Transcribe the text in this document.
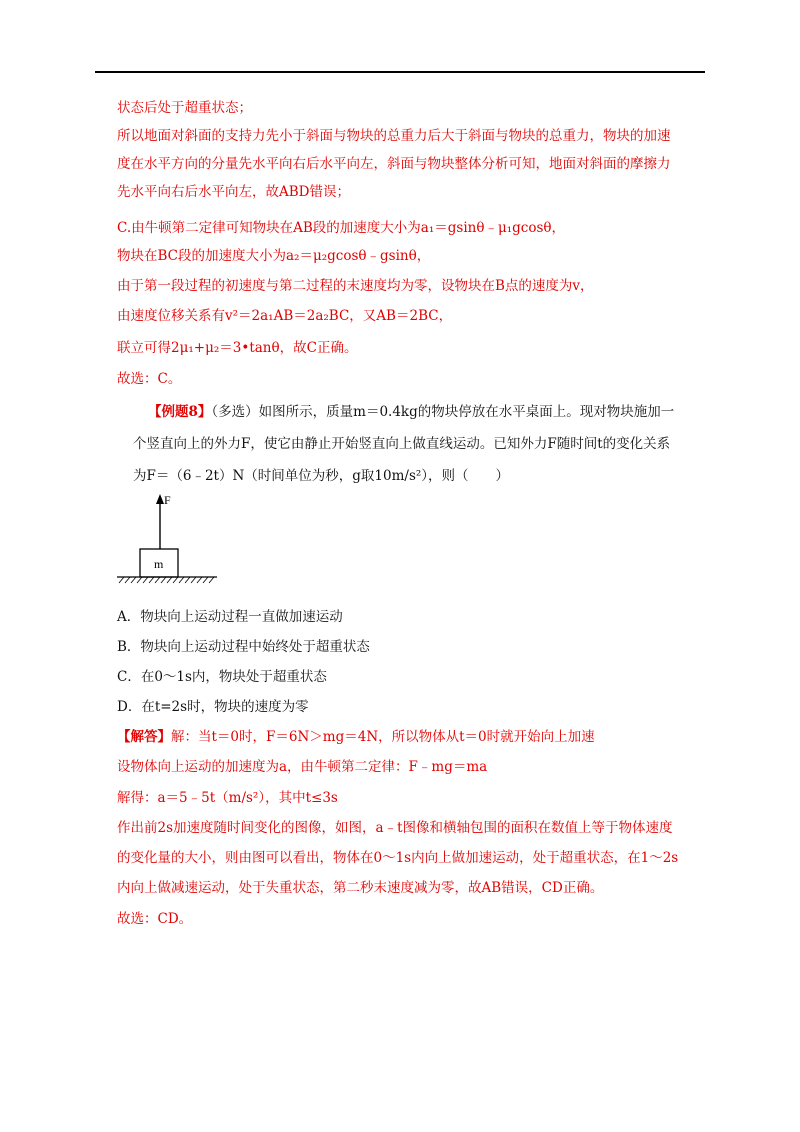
状态后处于超重状态；
所以地面对斜面的支持力先小于斜面与物块的总重力后大于斜面与物块的总重力，物块的加速
度在水平方向的分量先水平向右后水平向左，斜面与物块整体分析可知，地面对斜面的摩擦力
先水平向右后水平向左，故ABD错误；
C.由牛顿第二定律可知物块在AB段的加速度大小为a₁＝gsinθ﹣μ₁gcosθ，
物块在BC段的加速度大小为a₂＝μ₂gcosθ﹣gsinθ，
由于第一段过程的初速度与第二过程的末速度均为零，设物块在B点的速度为v，
由速度位移关系有v²＝2a₁AB＝2a₂BC，又AB＝2BC，
联立可得2μ₁+μ₂＝3•tanθ，故C正确。
故选：C。
【例题8】（多选）如图所示，质量m＝0.4kg的物块停放在水平桌面上。现对物块施加一
个竖直向上的外力F，使它由静止开始竖直向上做直线运动。已知外力F随时间t的变化关系
为F＝（6﹣2t）N（时间单位为秒，g取10m/s²），则（　　）
F
m
A．物块向上运动过程一直做加速运动
B．物块向上运动过程中始终处于超重状态
C．在0～1s内，物块处于超重状态
D．在t=2s时，物块的速度为零
【解答】解：当t＝0时，F＝6N＞mg＝4N，所以物体从t＝0时就开始向上加速
设物体向上运动的加速度为a，由牛顿第二定律：F﹣mg＝ma
解得：a＝5﹣5t（m/s²），其中t≤3s
作出前2s加速度随时间变化的图像，如图，a﹣t图像和横轴包围的面积在数值上等于物体速度
的变化量的大小，则由图可以看出，物体在0～1s内向上做加速运动，处于超重状态，在1～2s
内向上做减速运动，处于失重状态，第二秒末速度减为零，故AB错误，CD正确。
故选：CD。
